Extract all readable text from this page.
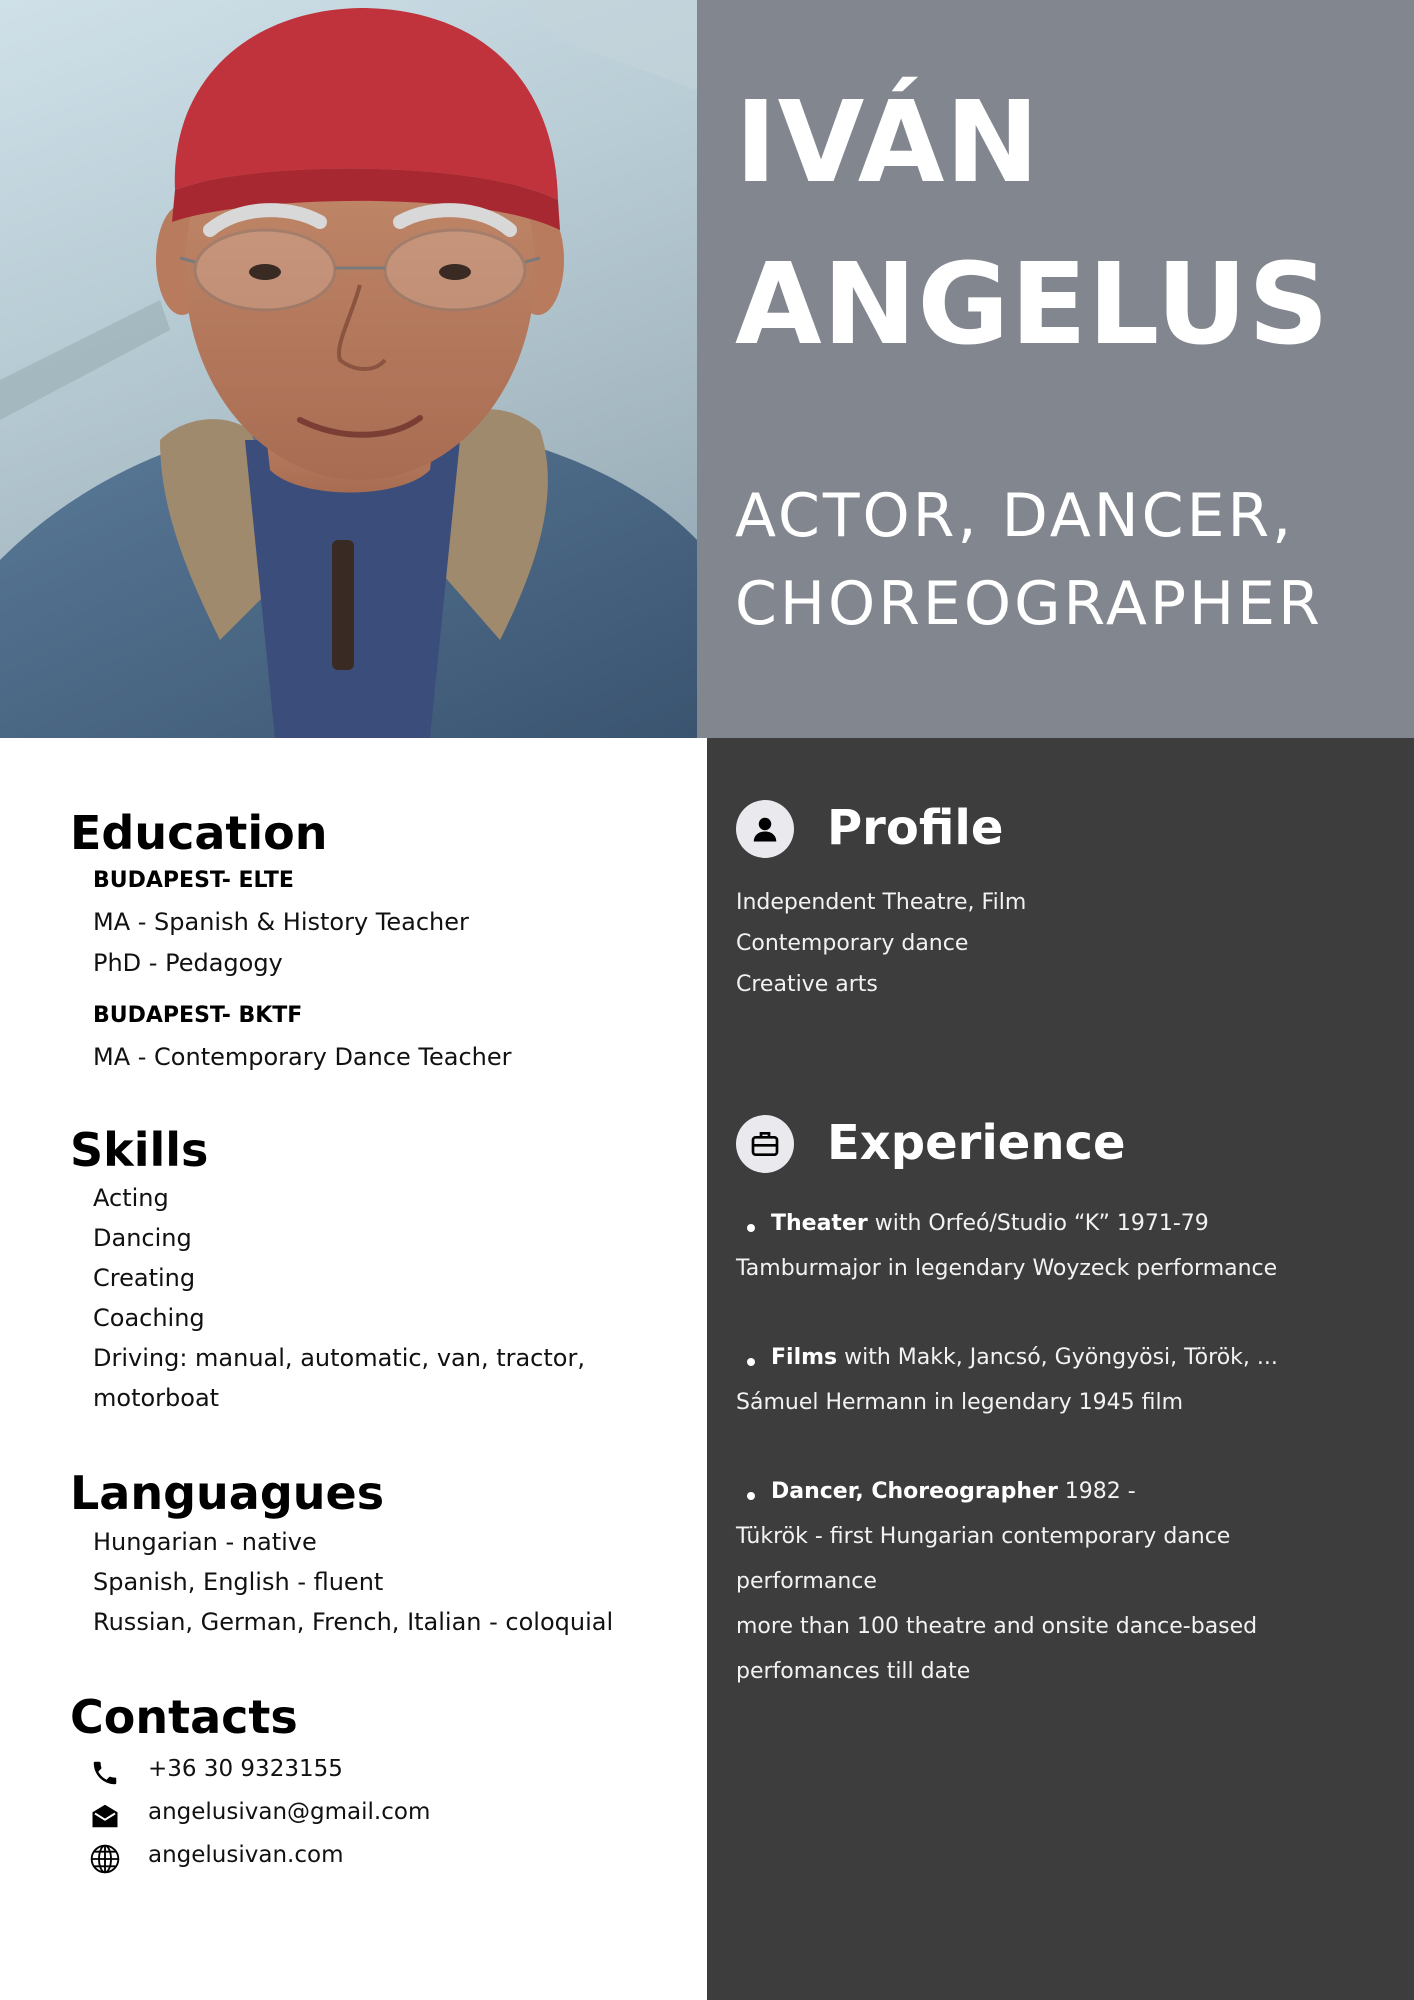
IVÁN
ANGELUS
ACTOR, DANCER,
CHOREOGRAPHER
Education
BUDAPEST- ELTE
MA - Spanish & History Teacher
PhD - Pedagogy
BUDAPEST- BKTF
MA - Contemporary Dance Teacher
Skills
Acting
Dancing
Creating
Coaching
Driving: manual, automatic, van, tractor,
motorboat
Languagues
Hungarian - native
Spanish, English - fluent
Russian, German, French, Italian - coloquial
Contacts
+36 30 9323155
angelusivan@gmail.com
angelusivan.com
Profile
Independent Theatre, Film
Contemporary dance
Creative arts
Experience
Theater with Orfeó/Studio “K” 1971-79
Tamburmajor in legendary Woyzeck performance
Films with Makk, Jancsó, Gyöngyösi, Török, ...
Sámuel Hermann in legendary 1945 film
Dancer, Choreographer 1982 -
Tükrök - first Hungarian contemporary dance
performance
more than 100 theatre and onsite dance-based
perfomances till date
